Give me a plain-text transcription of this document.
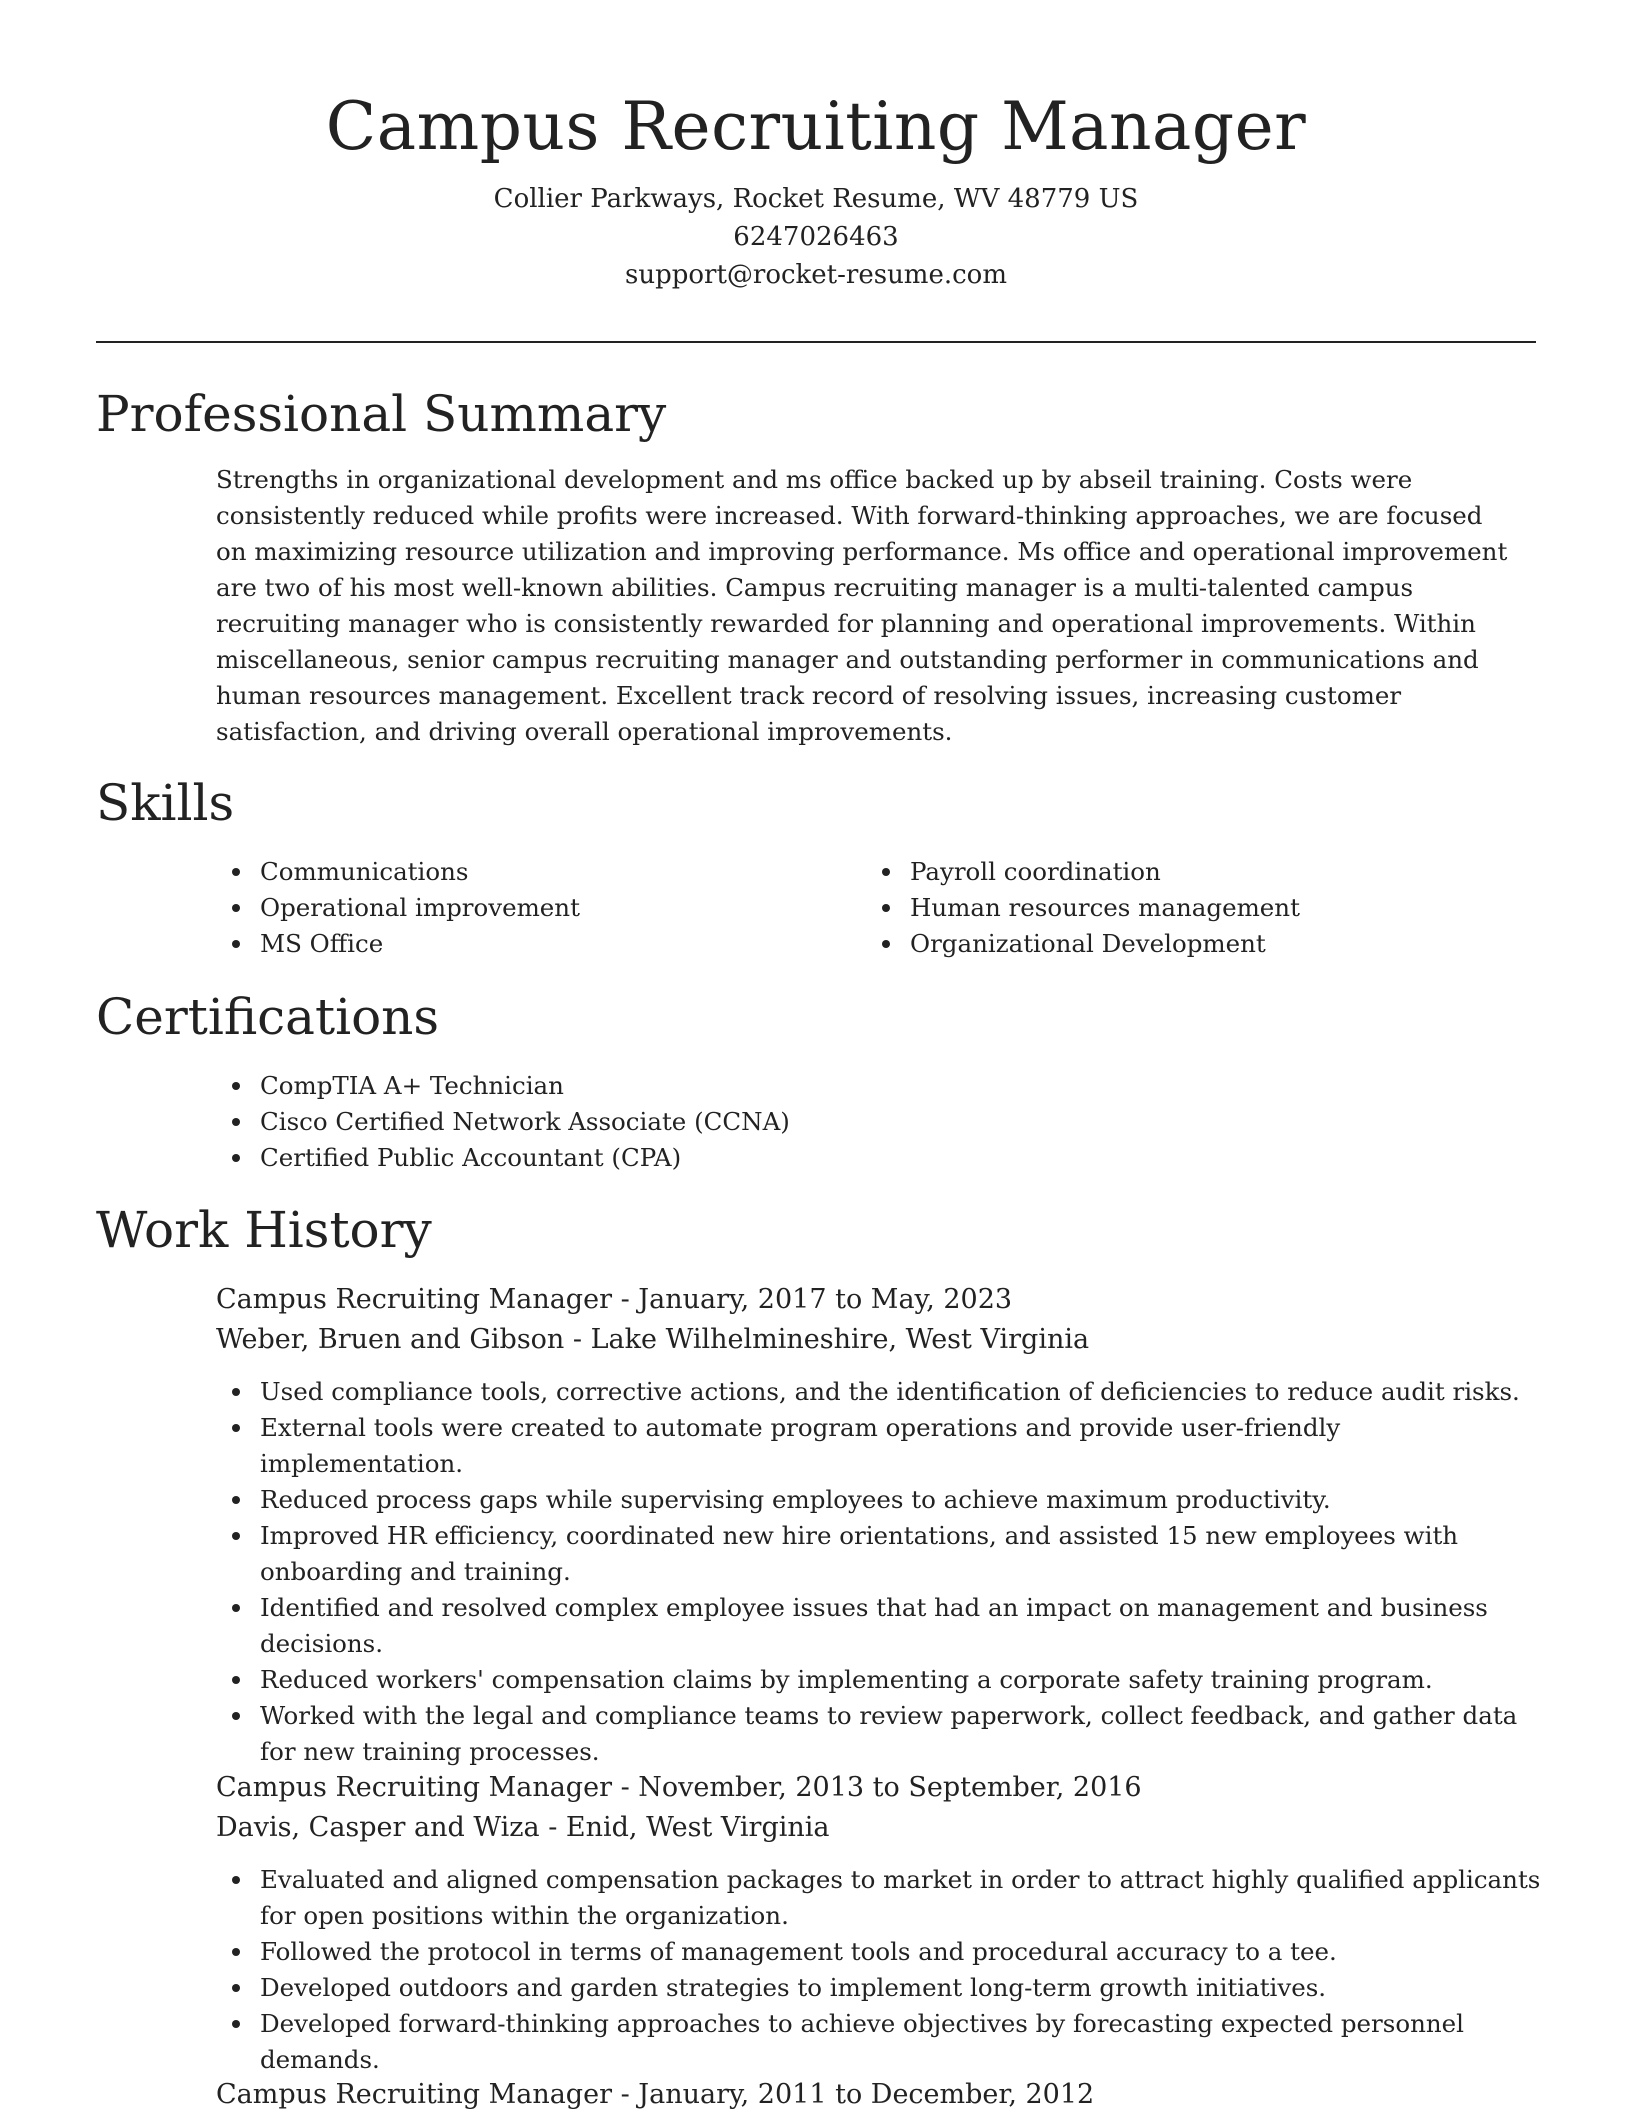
Campus Recruiting Manager
Collier Parkways, Rocket Resume, WV 48779 US
6247026463
support@rocket-resume.com
Professional Summary

Strengths in organizational development and ms office backed up by abseil training. Costs were consistently reduced while profits were increased. With forward-thinking approaches, we are focused on maximizing resource utilization and improving performance. Ms office and operational improvement are two of his most well-known abilities. Campus recruiting manager is a multi-talented campus recruiting manager who is consistently rewarded for planning and operational improvements. Within miscellaneous, senior campus recruiting manager and outstanding performer in communications and human resources management. Excellent track record of resolving issues, increasing customer satisfaction, and driving overall operational improvements.

Skills
Communications
Operational improvement
MS Office
Payroll coordination
Human resources management
Organizational Development
Certifications
CompTIA A+ Technician
Cisco Certified Network Associate (CCNA)
Certified Public Accountant (CPA)
Work History
Campus Recruiting Manager - January, 2017 to May, 2023
Weber, Bruen and Gibson - Lake Wilhelmineshire, West Virginia
Used compliance tools, corrective actions, and the identification of deficiencies to reduce audit risks.
External tools were created to automate program operations and provide user-friendly implementation.
Reduced process gaps while supervising employees to achieve maximum productivity.
Improved HR efficiency, coordinated new hire orientations, and assisted 15 new employees with onboarding and training.
Identified and resolved complex employee issues that had an impact on management and business decisions.
Reduced workers' compensation claims by implementing a corporate safety training program.
Worked with the legal and compliance teams to review paperwork, collect feedback, and gather data for new training processes.
Campus Recruiting Manager - November, 2013 to September, 2016
Davis, Casper and Wiza - Enid, West Virginia
Evaluated and aligned compensation packages to market in order to attract highly qualified applicants for open positions within the organization.
Followed the protocol in terms of management tools and procedural accuracy to a tee.
Developed outdoors and garden strategies to implement long-term growth initiatives.
Developed forward-thinking approaches to achieve objectives by forecasting expected personnel demands.
Campus Recruiting Manager - January, 2011 to December, 2012
